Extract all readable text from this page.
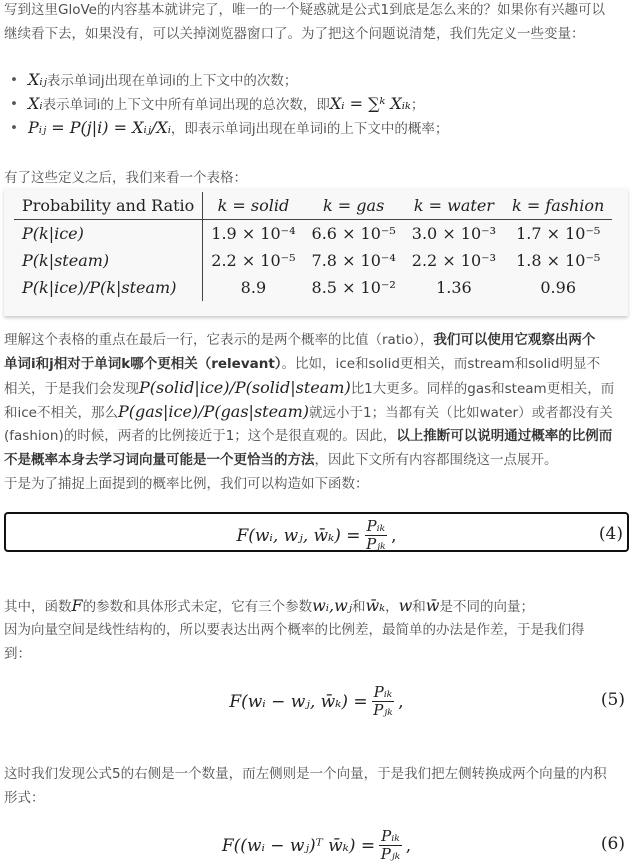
写到这里GloVe的内容基本就讲完了，唯一的一个疑惑就是公式1到底是怎么来的？如果你有兴趣可以
继续看下去，如果没有，可以关掉浏览器窗口了。为了把这个问题说清楚，我们先定义一些变量：
• Xᵢⱼ表示单词j出现在单词i的上下文中的次数；
• Xᵢ表示单词i的上下文中所有单词出现的总次数，即Xᵢ = ∑ᵏ Xᵢₖ；
• Pᵢⱼ = P(j|i) = Xᵢⱼ/Xᵢ，即表示单词j出现在单词i的上下文中的概率；
有了这些定义之后，我们来看一个表格：
Probability and Ratio	k = solid	k = gas	k = water	k = fashion
P(k|ice)	1.9 × 10⁻⁴	6.6 × 10⁻⁵	3.0 × 10⁻³	1.7 × 10⁻⁵
P(k|steam)	2.2 × 10⁻⁵	7.8 × 10⁻⁴	2.2 × 10⁻³	1.8 × 10⁻⁵
P(k|ice)/P(k|steam)	8.9	8.5 × 10⁻²	1.36	0.96
理解这个表格的重点在最后一行，它表示的是两个概率的比值（ratio），我们可以使用它观察出两个
单词i和j相对于单词k哪个更相关（relevant）。比如，ice和solid更相关，而stream和solid明显不
相关，于是我们会发现P(solid|ice)/P(solid|steam)比1大更多。同样的gas和steam更相关，而
和ice不相关，那么P(gas|ice)/P(gas|steam)就远小于1；当都有关（比如water）或者都没有关
(fashion)的时候，两者的比例接近于1；这个是很直观的。因此，以上推断可以说明通过概率的比例而
不是概率本身去学习词向量可能是一个更恰当的方法，因此下文所有内容都围绕这一点展开。
于是为了捕捉上面提到的概率比例，我们可以构造如下函数：
F(wᵢ, wⱼ, w̄ₖ) = $\frac{\text{Pᵢₖ}}{\text{Pⱼₖ}}$ ,	(4)
其中，函数F的参数和具体形式未定，它有三个参数wᵢ,wⱼ和w̄ₖ，w和w̄是不同的向量；
因为向量空间是线性结构的，所以要表达出两个概率的比例差，最简单的办法是作差，于是我们得
到：
F(wᵢ − wⱼ, w̄ₖ) = $\frac{\text{Pᵢₖ}}{\text{Pⱼₖ}}$ ,	(5)
这时我们发现公式5的右侧是一个数量，而左侧则是一个向量，于是我们把左侧转换成两个向量的内积
形式：
F((wᵢ − wⱼ)ᵀ w̄ₖ) = $\frac{\text{Pᵢₖ}}{\text{Pⱼₖ}}$ ,	(6)
